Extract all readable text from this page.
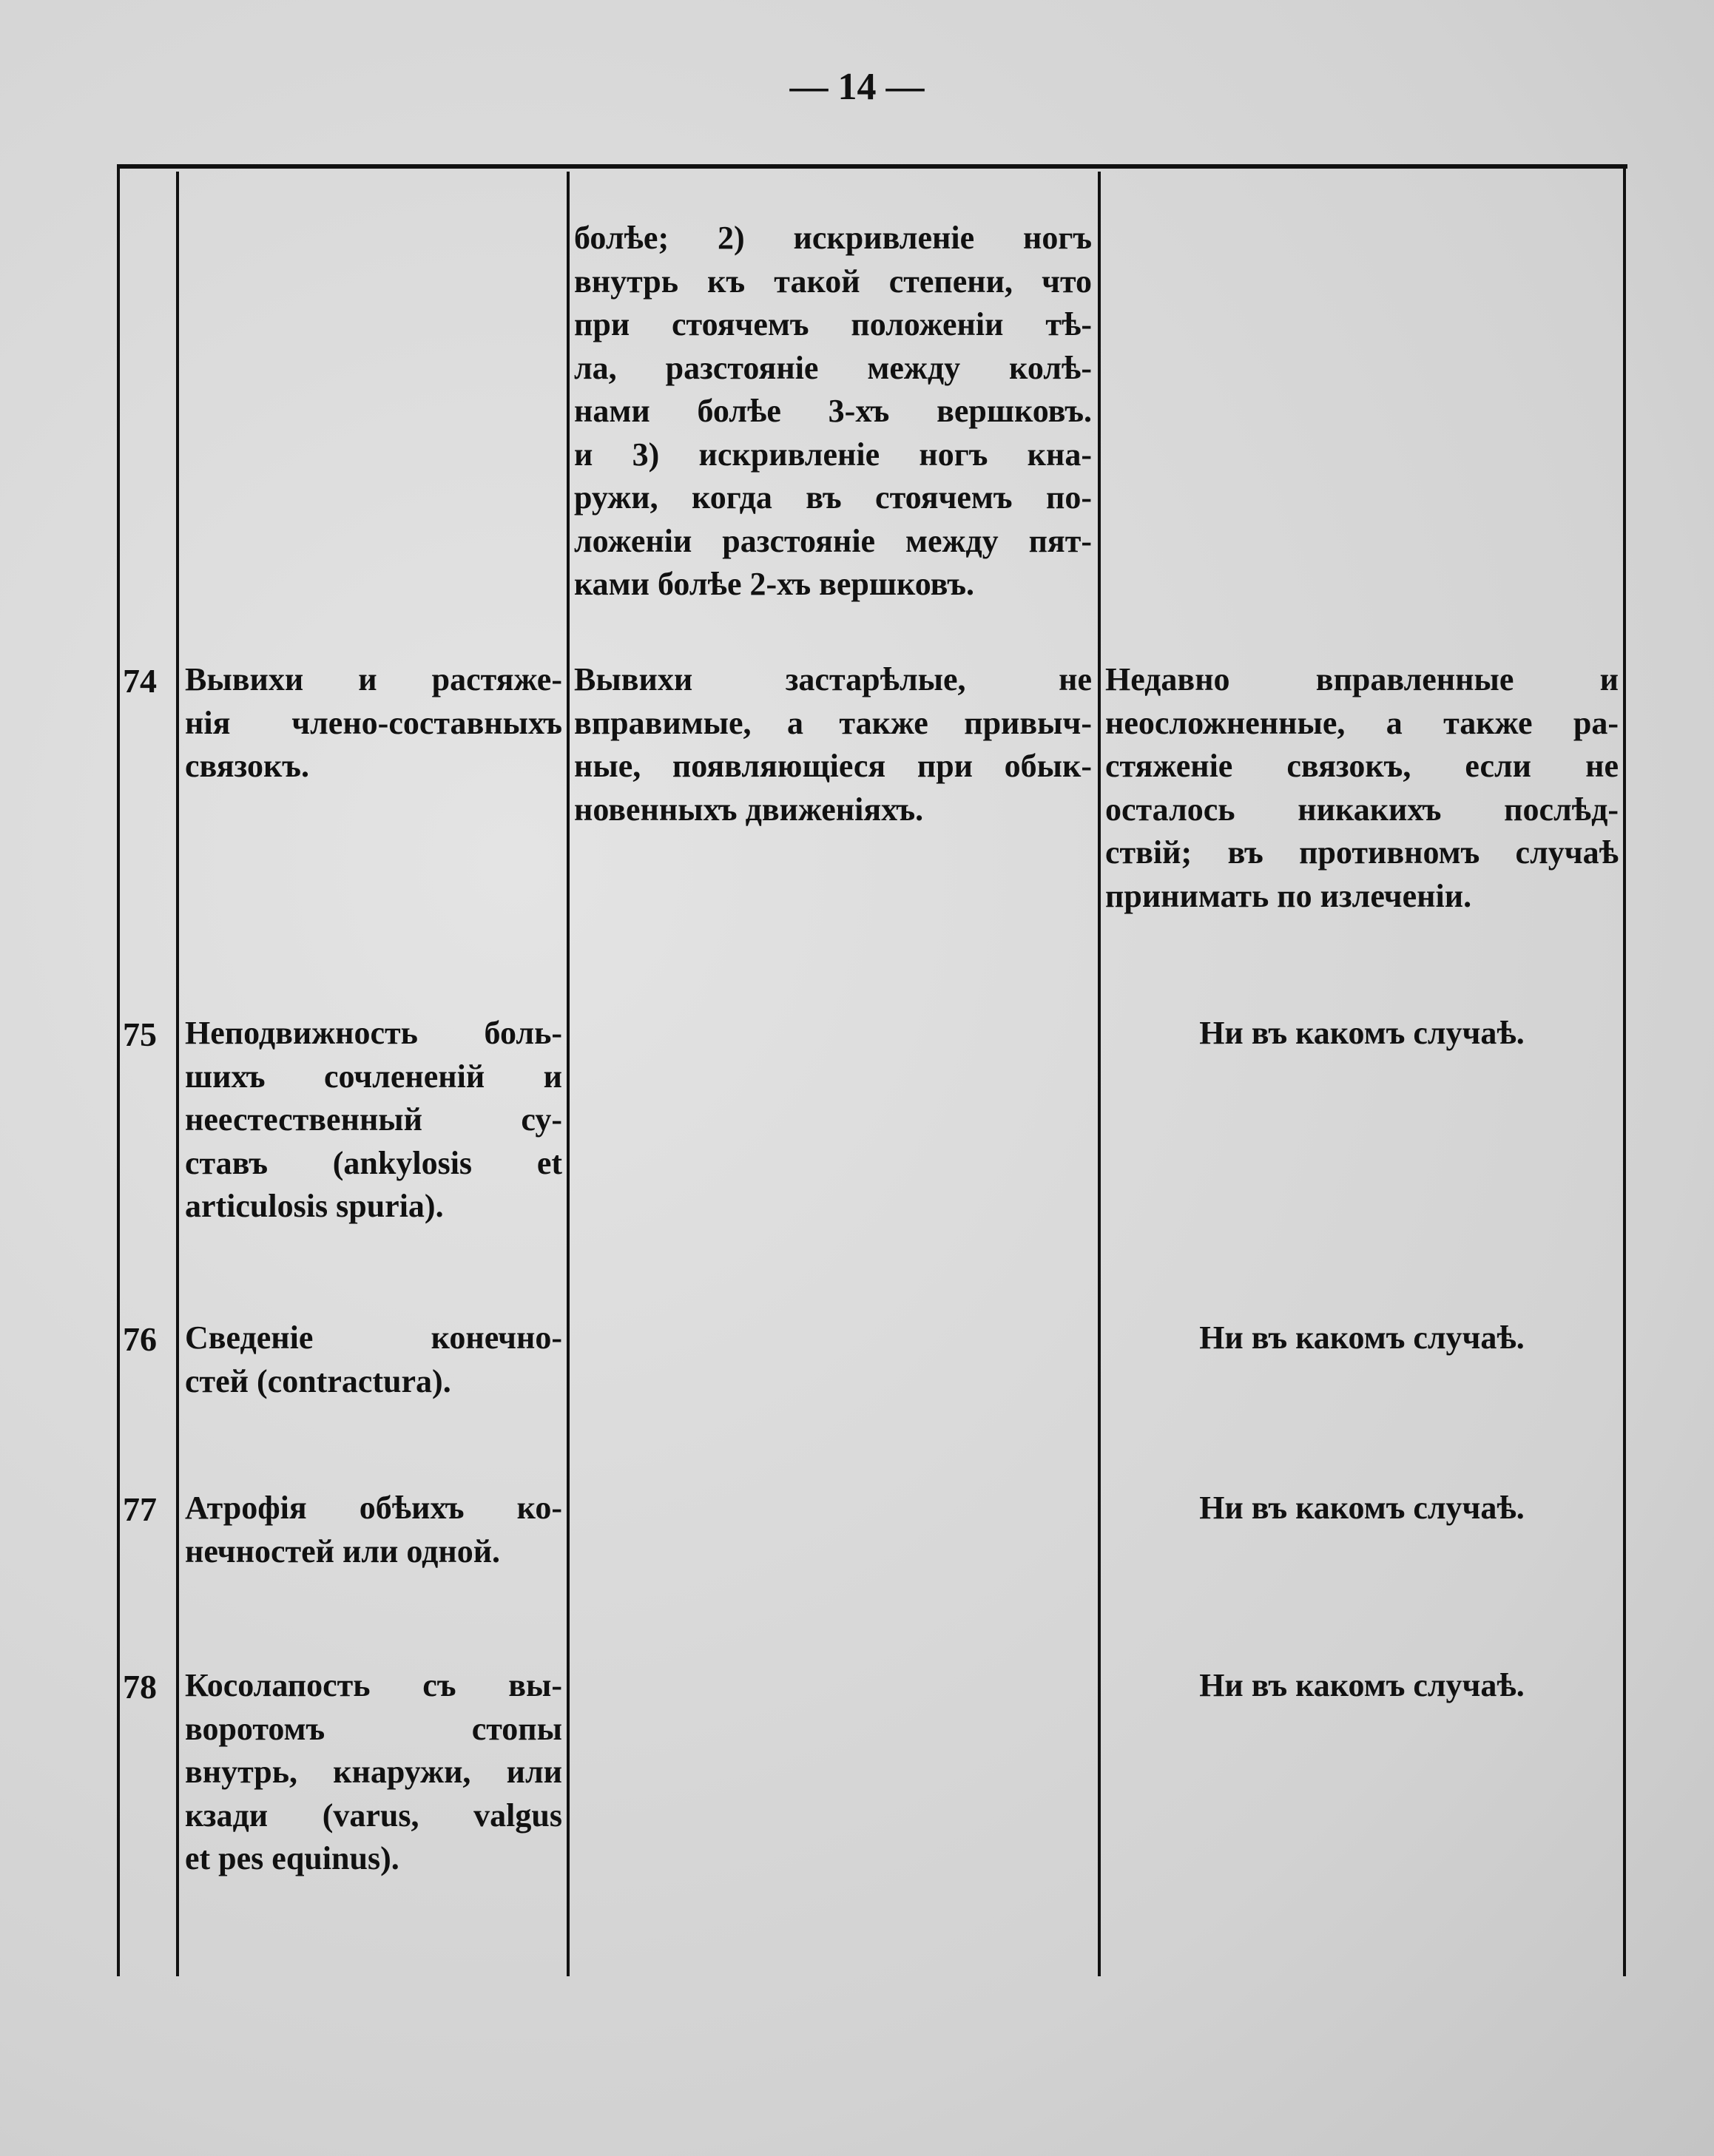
— 14 —
болѣе; 2) искривленіе ногъ
внутрь къ такой степени, что
при стоячемъ положеніи тѣ-
ла, разстояніе между колѣ-
нами болѣе 3-хъ вершковъ.
и 3) искривленіе ногъ кна-
ружи, когда въ стоячемъ по-
ложеніи разстояніе между пят-
ками болѣе 2-хъ вершковъ.
74 Вывихи и растяже-
нія члено-составныхъ
связокъ.
Вывихи застарѣлые, не
вправимые, а также привыч-
ные, появляющіеся при обык-
новенныхъ движеніяхъ.
Недавно вправленные и
неосложненные, а также ра-
стяженіе связокъ, если не
осталось никакихъ послѣд-
ствій; въ противномъ случаѣ
принимать по излеченіи.
75 Неподвижность боль-
шихъ сочлененій и
неестественный су-
ставъ (ankylosis et
articulosis spuria).
Ни въ какомъ случаѣ.
76 Сведеніе конечно-
стей (contractura).
Ни въ какомъ случаѣ.
77 Атрофія обѣихъ ко-
нечностей или одной.
Ни въ какомъ случаѣ.
78 Косолапость съ вы-
воротомъ стопы
внутрь, кнаружи, или
кзади (varus, valgus
et pes equinus).
Ни въ какомъ случаѣ.
